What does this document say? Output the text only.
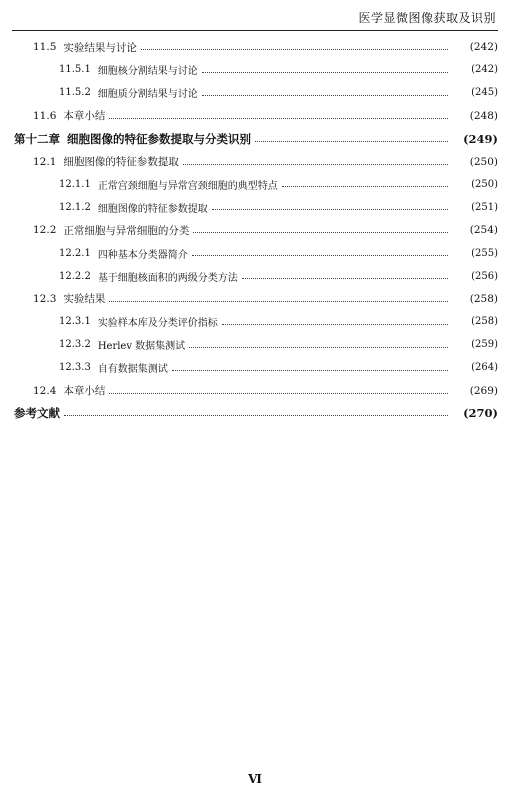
医学显微图像获取及识别
11.5 实验结果与讨论	(242)
11.5.1 细胞核分割结果与讨论	(242)
11.5.2 细胞质分割结果与讨论	(245)
11.6 本章小结	(248)
第十二章 细胞图像的特征参数提取与分类识别	(249)
12.1 细胞图像的特征参数提取	(250)
12.1.1 正常宫颈细胞与异常宫颈细胞的典型特点	(250)
12.1.2 细胞图像的特征参数提取	(251)
12.2 正常细胞与异常细胞的分类	(254)
12.2.1 四种基本分类器简介	(255)
12.2.2 基于细胞核面积的两级分类方法	(256)
12.3 实验结果	(258)
12.3.1 实验样本库及分类评价指标	(258)
12.3.2 Herlev 数据集测试	(259)
12.3.3 自有数据集测试	(264)
12.4 本章小结	(269)
参考文献	(270)
Ⅵ
